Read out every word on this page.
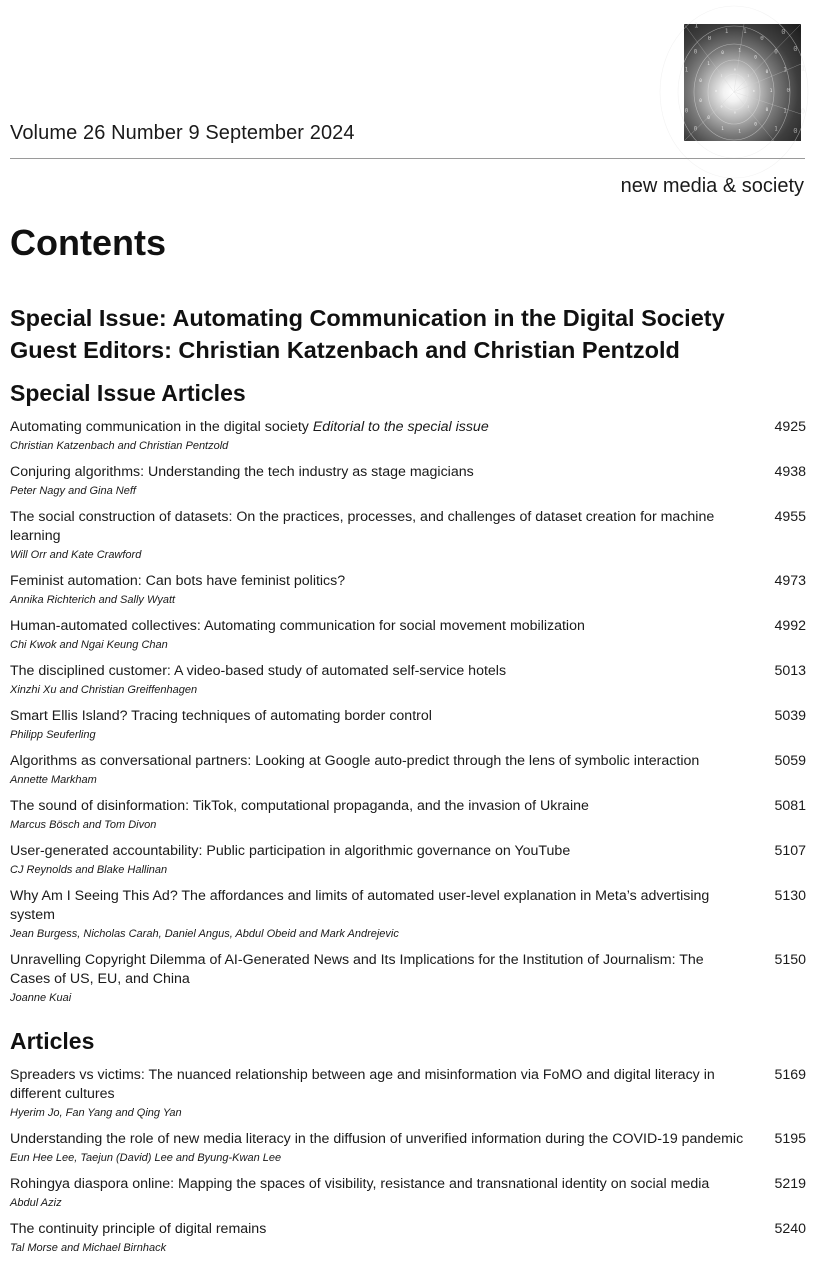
0
1
0
0
0
1
0
1
1
0
0
1
1
0
0
0
1
0	1
0
0
0
1
1
0
0
1
0
0
1	1
0
0
1
0
0
1
0
0
1
Volume 26 Number 9 September 2024
new media & society
Contents
Special Issue: Automating Communication in the Digital Society
Guest Editors: Christian Katzenbach and Christian Pentzold
Special Issue Articles
Automating communication in the digital society Editorial to the special issue
Christian Katzenbach and Christian Pentzold
4925
Conjuring algorithms: Understanding the tech industry as stage magicians
Peter Nagy and Gina Neff
4938
The social construction of datasets: On the practices, processes, and challenges of dataset creation for machine learning
Will Orr and Kate Crawford
4955
Feminist automation: Can bots have feminist politics?
Annika Richterich and Sally Wyatt
4973
Human-automated collectives: Automating communication for social movement mobilization
Chi Kwok and Ngai Keung Chan
4992
The disciplined customer: A video-based study of automated self-service hotels
Xinzhi Xu and Christian Greiffenhagen
5013
Smart Ellis Island? Tracing techniques of automating border control
Philipp Seuferling
5039
Algorithms as conversational partners: Looking at Google auto-predict through the lens of symbolic interaction
Annette Markham
5059
The sound of disinformation: TikTok, computational propaganda, and the invasion of Ukraine
Marcus Bösch and Tom Divon
5081
User-generated accountability: Public participation in algorithmic governance on YouTube
CJ Reynolds and Blake Hallinan
5107
Why Am I Seeing This Ad? The affordances and limits of automated user-level explanation in Meta’s advertising system
Jean Burgess, Nicholas Carah, Daniel Angus, Abdul Obeid and Mark Andrejevic
5130
Unravelling Copyright Dilemma of AI-Generated News and Its Implications for the Institution of Journalism: The Cases of US, EU, and China
Joanne Kuai
5150
Articles
Spreaders vs victims: The nuanced relationship between age and misinformation via FoMO and digital literacy in different cultures
Hyerim Jo, Fan Yang and Qing Yan
5169
Understanding the role of new media literacy in the diffusion of unverified information during the COVID-19 pandemic
Eun Hee Lee, Taejun (David) Lee and Byung-Kwan Lee
5195
Rohingya diaspora online: Mapping the spaces of visibility, resistance and transnational identity on social media
Abdul Aziz
5219
The continuity principle of digital remains
Tal Morse and Michael Birnhack
5240
